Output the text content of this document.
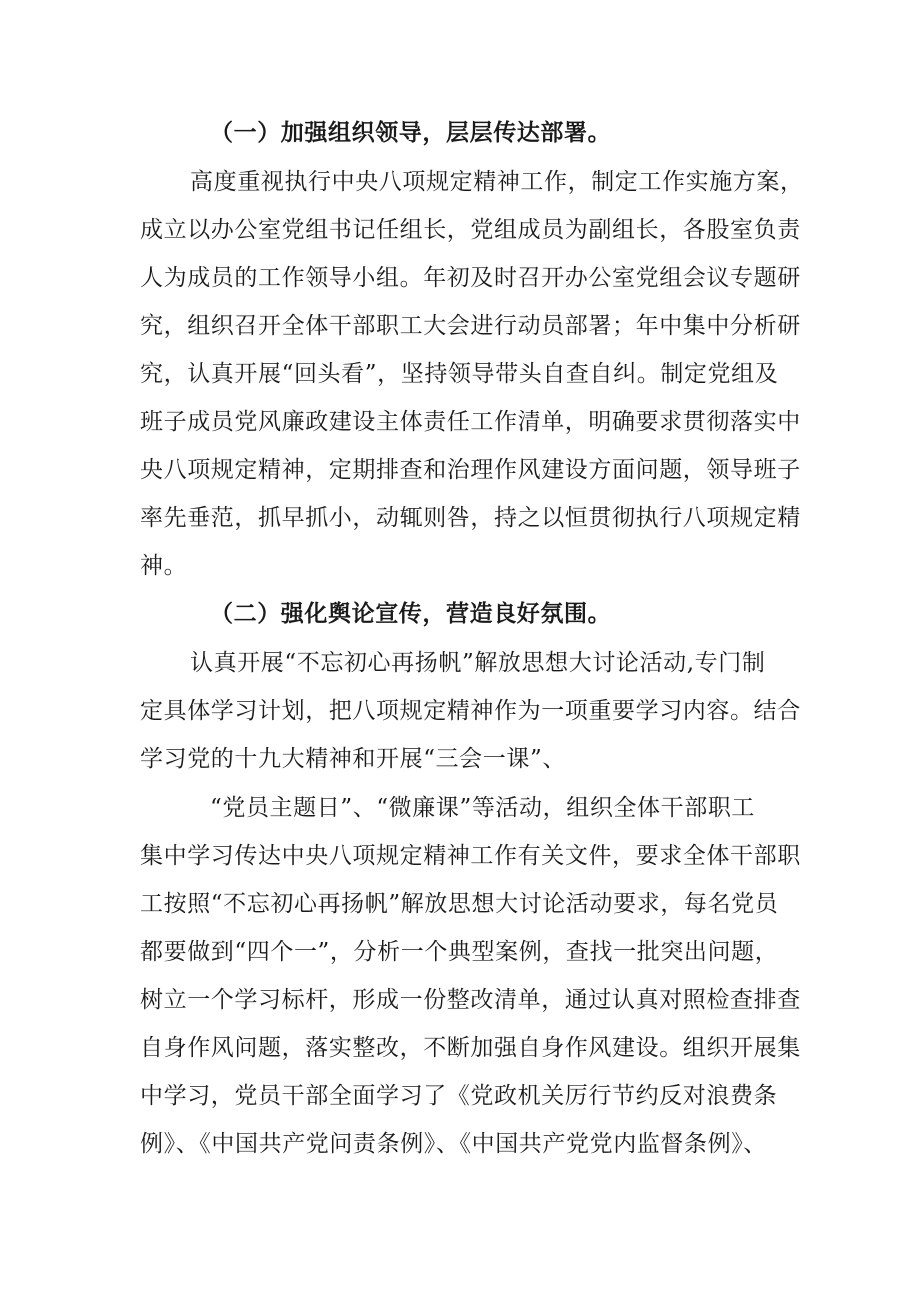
（一）加强组织领导，层层传达部署。
高度重视执行中央八项规定精神工作，制定工作实施方案，
成立以办公室党组书记任组长，党组成员为副组长，各股室负责
人为成员的工作领导小组。年初及时召开办公室党组会议专题研
究，组织召开全体干部职工大会进行动员部署；年中集中分析研
究，认真开展“回头看”，坚持领导带头自查自纠。制定党组及
班子成员党风廉政建设主体责任工作清单，明确要求贯彻落实中
央八项规定精神，定期排查和治理作风建设方面问题，领导班子
率先垂范，抓早抓小，动辄则咎，持之以恒贯彻执行八项规定精
神。
（二）强化舆论宣传，营造良好氛围。
认真开展“不忘初心再扬帆”解放思想大讨论活动,专门制
定具体学习计划，把八项规定精神作为一项重要学习内容。结合
学习党的十九大精神和开展“三会一课”、
“党员主题日”、“微廉课”等活动，组织全体干部职工
集中学习传达中央八项规定精神工作有关文件，要求全体干部职
工按照“不忘初心再扬帆”解放思想大讨论活动要求，每名党员
都要做到“四个一”，分析一个典型案例，查找一批突出问题，
树立一个学习标杆，形成一份整改清单，通过认真对照检查排查
自身作风问题，落实整改，不断加强自身作风建设。组织开展集
中学习，党员干部全面学习了《党政机关厉行节约反对浪费条
例》、《中国共产党问责条例》、《中国共产党党内监督条例》、
